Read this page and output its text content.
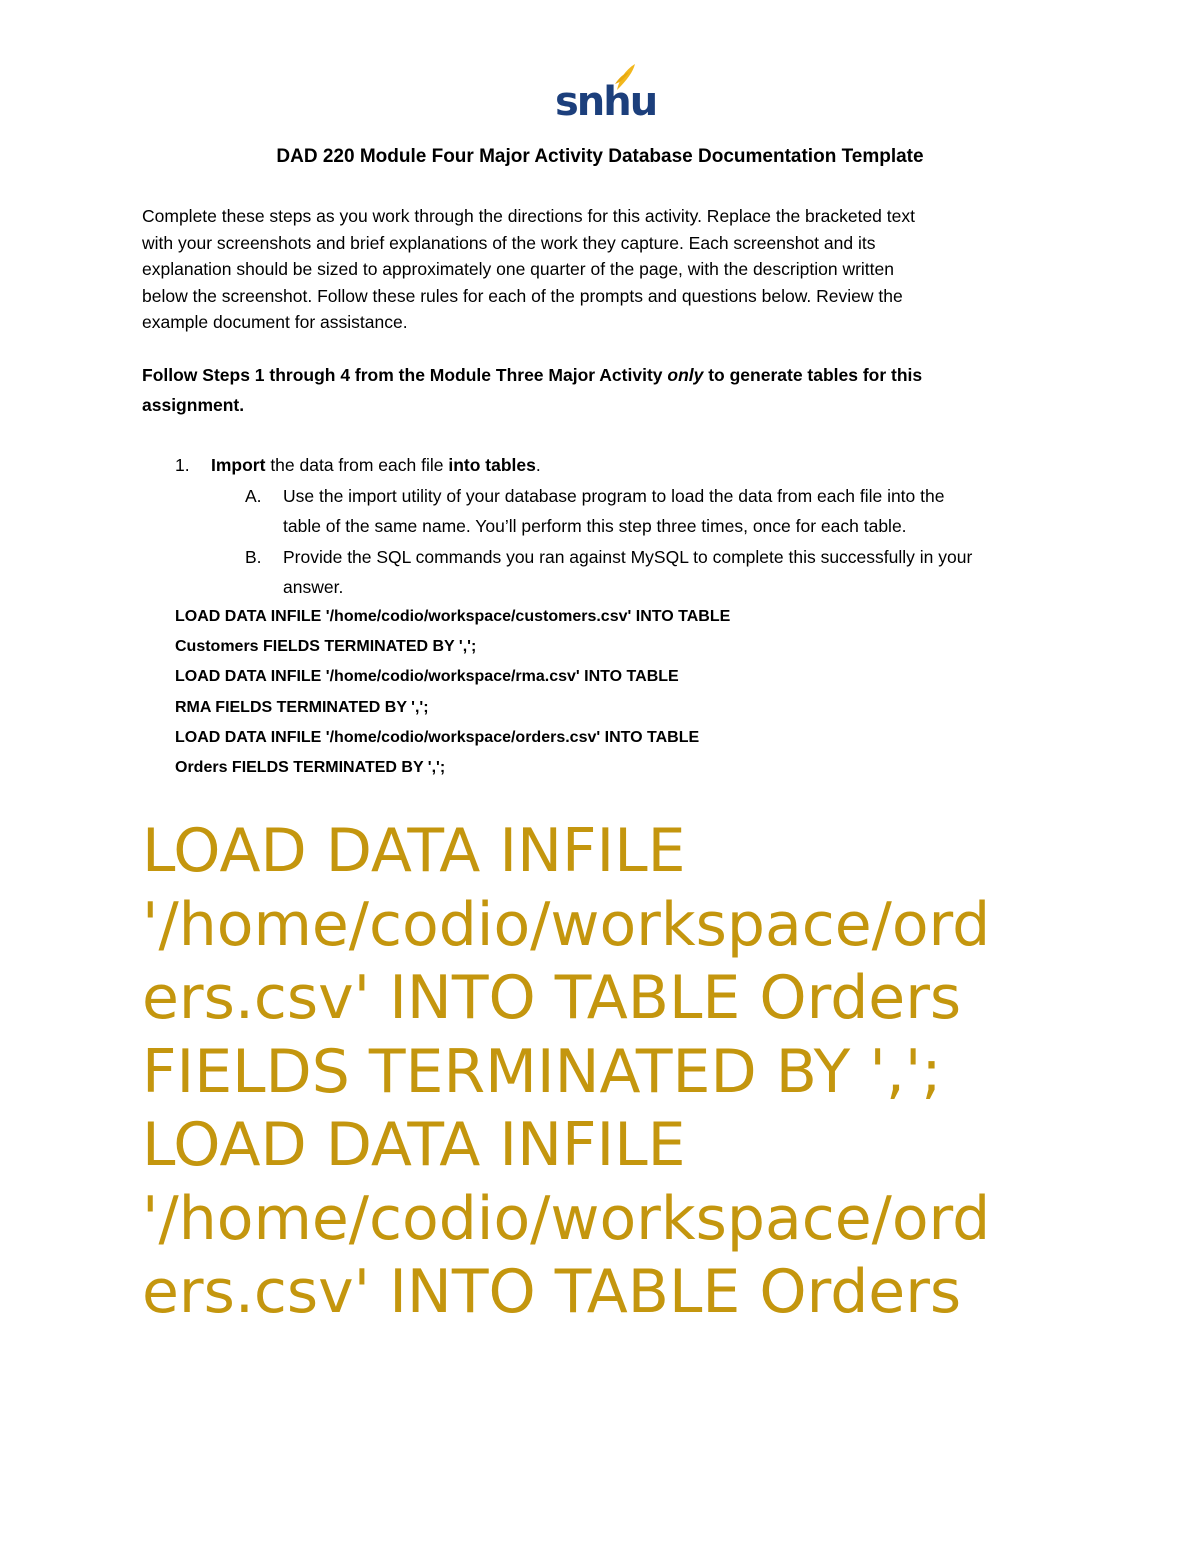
snhu
DAD 220 Module Four Major Activity Database Documentation Template
Complete these steps as you work through the directions for this activity. Replace the bracketed text
with your screenshots and brief explanations of the work they capture. Each screenshot and its
explanation should be sized to approximately one quarter of the page, with the description written
below the screenshot. Follow these rules for each of the prompts and questions below. Review the
example document for assistance.
Follow Steps 1 through 4 from the Module Three Major Activity only to generate tables for this
assignment.
1. Import the data from each file into tables.
A. Use the import utility of your database program to load the data from each file into the
table of the same name. You’ll perform this step three times, once for each table.
B. Provide the SQL commands you ran against MySQL to complete this successfully in your
answer.
LOAD DATA INFILE '/home/codio/workspace/customers.csv' INTO TABLE
Customers FIELDS TERMINATED BY ',';
LOAD DATA INFILE '/home/codio/workspace/rma.csv' INTO TABLE
RMA FIELDS TERMINATED BY ',';
LOAD DATA INFILE '/home/codio/workspace/orders.csv' INTO TABLE
Orders FIELDS TERMINATED BY ',';
LOAD DATA INFILE
'/home/codio/workspace/ord
ers.csv' INTO TABLE Orders
FIELDS TERMINATED BY ',';
LOAD DATA INFILE
'/home/codio/workspace/ord
ers.csv' INTO TABLE Orders
